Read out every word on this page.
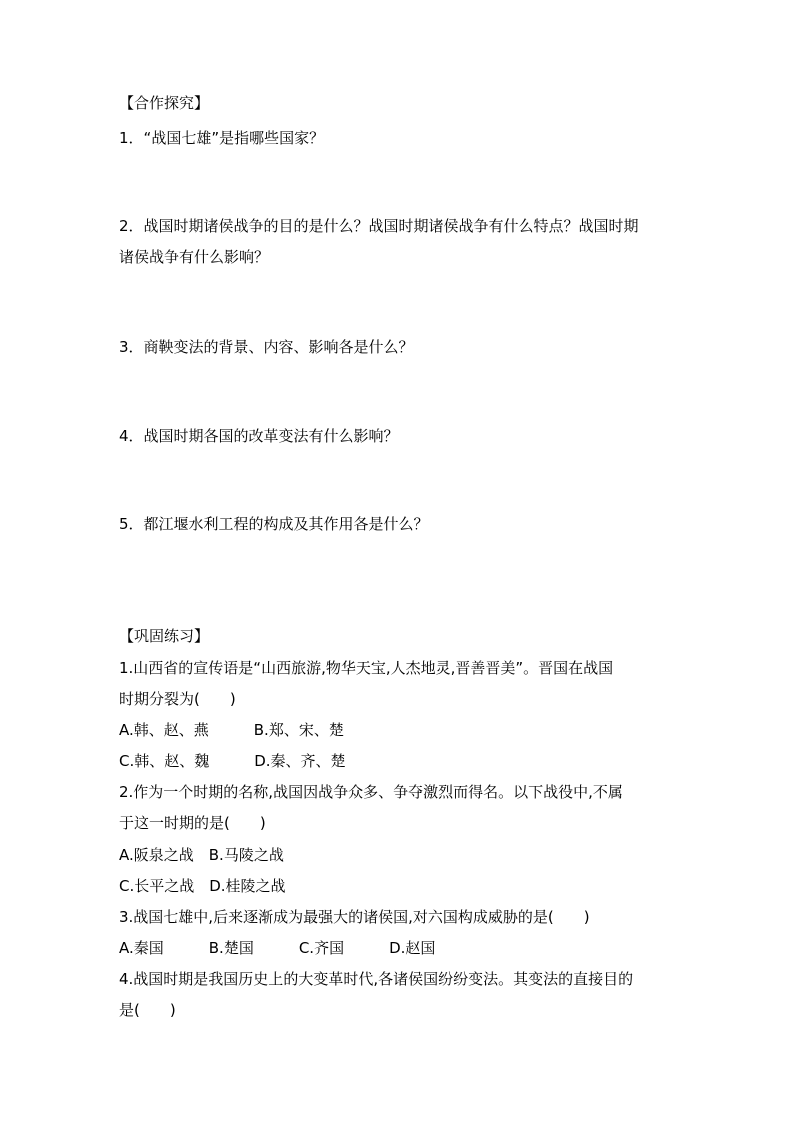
【合作探究】

1．“战国七雄”是指哪些国家？

2．战国时期诸侯战争的目的是什么？战国时期诸侯战争有什么特点？战国时期

诸侯战争有什么影响？

3．商鞅变法的背景、内容、影响各是什么？

4．战国时期各国的改革变法有什么影响？

5．都江堰水利工程的构成及其作用各是什么？

【巩固练习】

1.山西省的宣传语是“山西旅游,物华天宝,人杰地灵,晋善晋美”。晋国在战国

时期分裂为(　　)

A.韩、赵、燕　　　B.郑、宋、楚

C.韩、赵、魏　　　D.秦、齐、楚

2.作为一个时期的名称,战国因战争众多、争夺激烈而得名。以下战役中,不属

于这一时期的是(　　)

A.阪泉之战　B.马陵之战

C.长平之战　D.桂陵之战

3.战国七雄中,后来逐渐成为最强大的诸侯国,对六国构成威胁的是(　　)

A.秦国　　　B.楚国　　　C.齐国　　　D.赵国

4.战国时期是我国历史上的大变革时代,各诸侯国纷纷变法。其变法的直接目的

是(　　)
